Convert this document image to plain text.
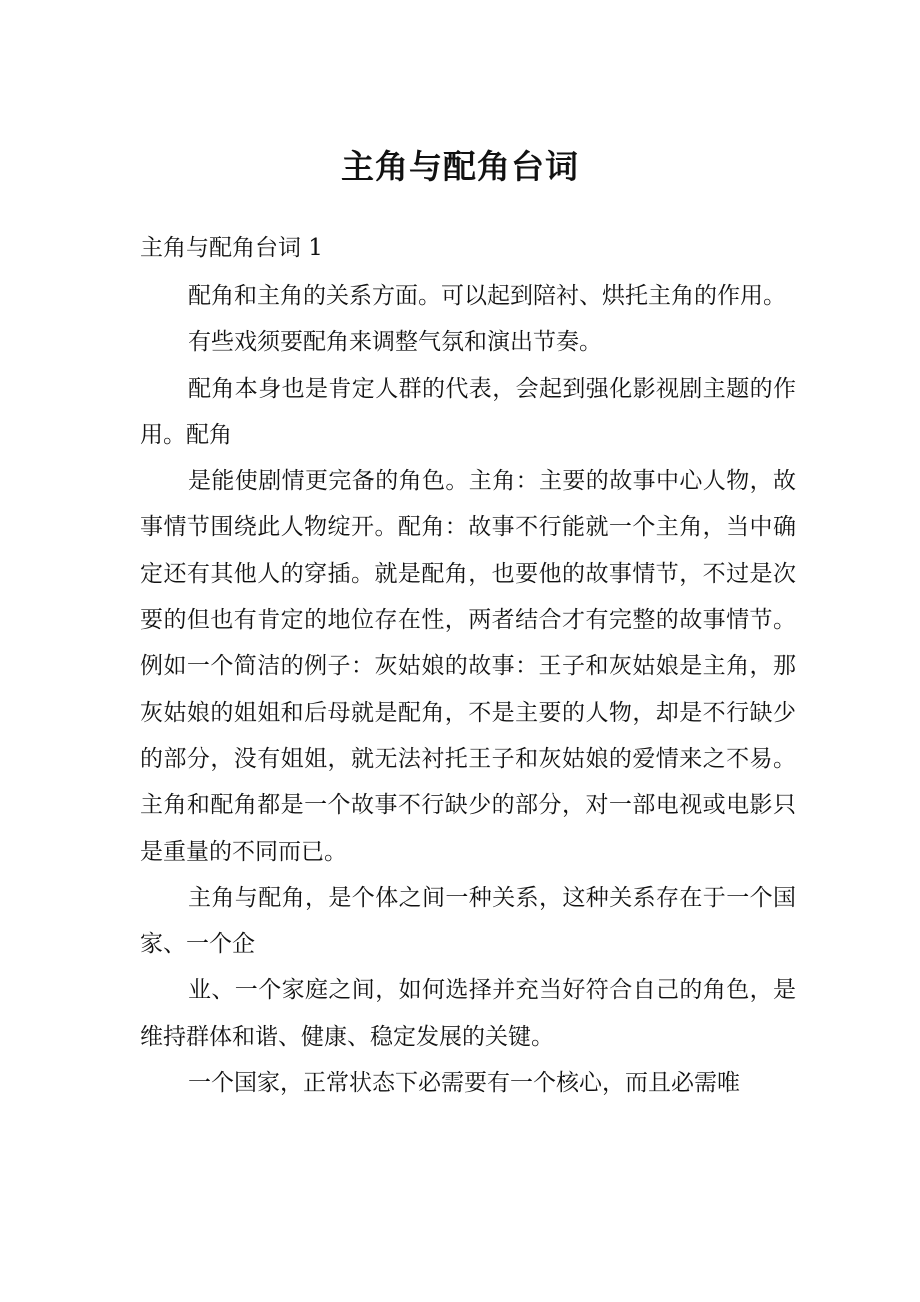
主角与配角台词
主角与配角台词 1

配角和主角的关系方面。可以起到陪衬、烘托主角的作用。

有些戏须要配角来调整气氛和演出节奏。

配角本身也是肯定人群的代表，会起到强化影视剧主题的作用。配角

是能使剧情更完备的角色。主角：主要的故事中心人物，故事情节围绕此人物绽开。配角：故事不行能就一个主角，当中确定还有其他人的穿插。就是配角，也要他的故事情节，不过是次要的但也有肯定的地位存在性，两者结合才有完整的故事情节。例如一个简洁的例子：灰姑娘的故事：王子和灰姑娘是主角，那灰姑娘的姐姐和后母就是配角，不是主要的人物，却是不行缺少的部分，没有姐姐，就无法衬托王子和灰姑娘的爱情来之不易。主角和配角都是一个故事不行缺少的部分，对一部电视或电影只是重量的不同而已。

主角与配角，是个体之间一种关系，这种关系存在于一个国家、一个企

业、一个家庭之间，如何选择并充当好符合自己的角色，是维持群体和谐、健康、稳定发展的关键。

一个国家，正常状态下必需要有一个核心，而且必需唯
